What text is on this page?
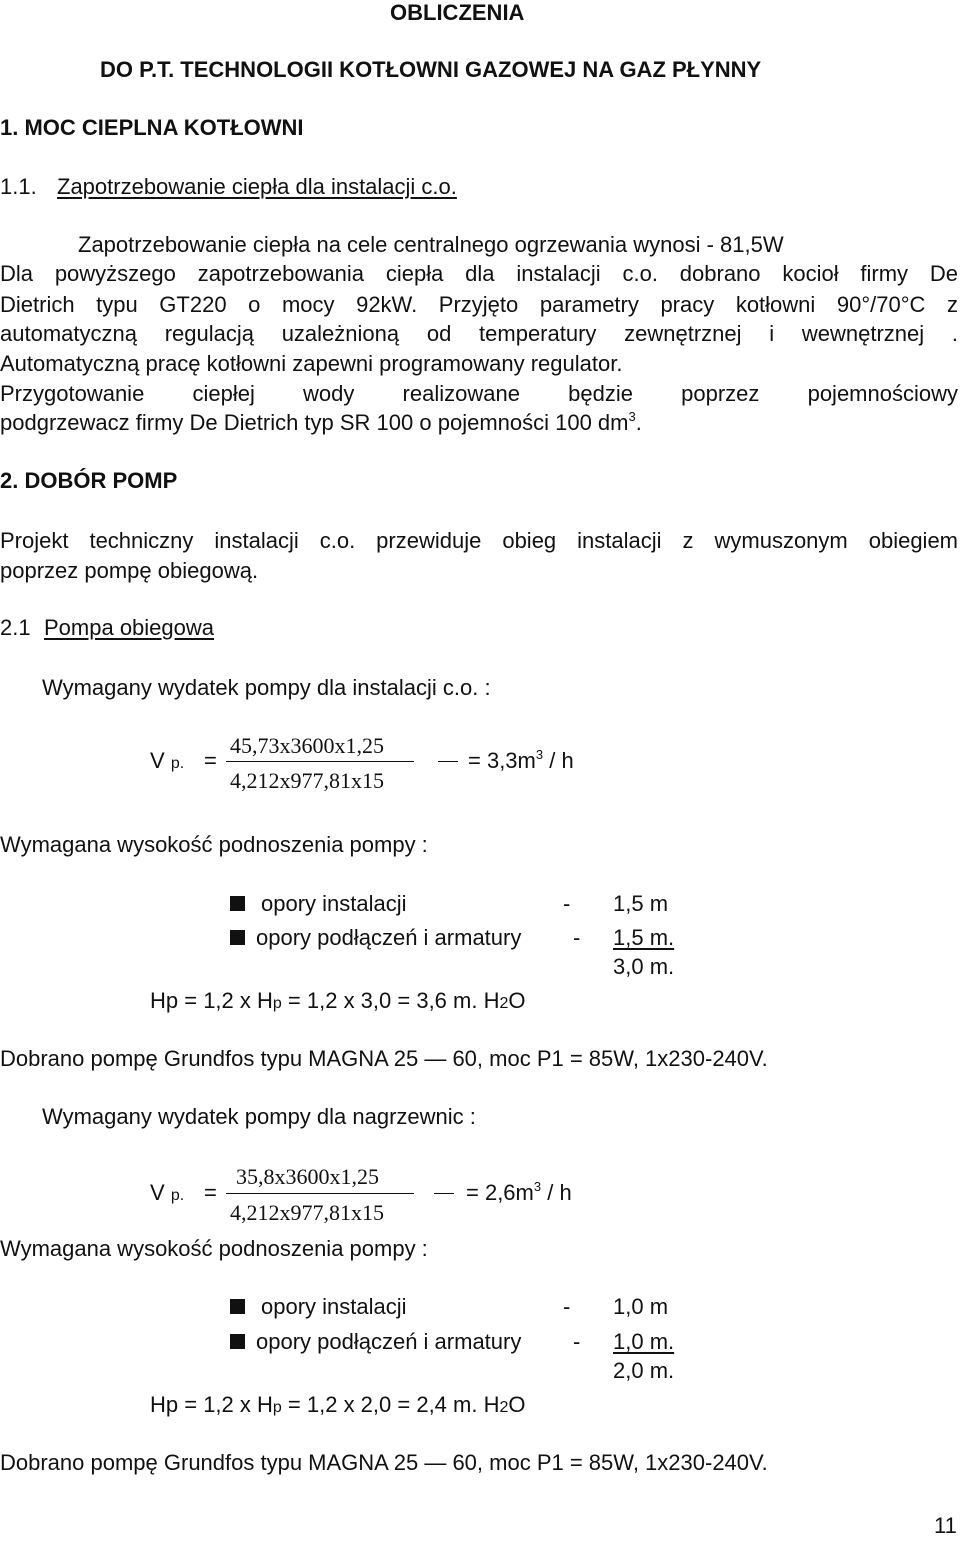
OBLICZENIA
DO P.T. TECHNOLOGII KOTŁOWNI GAZOWEJ NA GAZ PŁYNNY
1. MOC CIEPLNA KOTŁOWNI
1.1. Zapotrzebowanie ciepła dla instalacji c.o.
Zapotrzebowanie ciepła na cele centralnego ogrzewania wynosi - 81,5W
Dla powyższego zapotrzebowania ciepła dla instalacji c.o. dobrano kocioł firmy De
Dietrich typu GT220 o mocy 92kW. Przyjęto parametry pracy kotłowni 90°/70°C z
automatyczną regulacją uzależnioną od temperatury zewnętrznej i wewnętrznej .
Automatyczną pracę kotłowni zapewni programowany regulator.
Przygotowanie ciepłej wody realizowane będzie poprzez pojemnościowy
podgrzewacz firmy De Dietrich typ SR 100 o pojemności 100 $dm^3$.
2. DOBÓR POMP
Projekt techniczny instalacji c.o. przewiduje obieg instalacji z wymuszonym obiegiem
poprzez pompę obiegową.
2.1 Pompa obiegowa
Wymagany wydatek pompy dla instalacji c.o. :
V p. =
45,73x3600x1,25
4,212x977,81x15
= $3,3m^3$ / h
Wymagana wysokość podnoszenia pompy :
opory instalacji	- 1,5 m
opory podłączeń i armatury -	1,5 m.
3,0 m.
Hp = 1,2 x Hp = 1,2 x 3,0 = 3,6 m. H2O
Dobrano pompę Grundfos typu MAGNA 25 — 60, moc P1 = 85W, 1x230-240V.
Wymagany wydatek pompy dla nagrzewnic :
V p. =
35,8x3600x1,25
4,212x977,81x15
= $2,6m^3$ / h
Wymagana wysokość podnoszenia pompy :
opory instalacji	- 1,0 m
opory podłączeń i armatury -	1,0 m.
2,0 m.
Hp = 1,2 x Hp = 1,2 x 2,0 = 2,4 m. H2O
Dobrano pompę Grundfos typu MAGNA 25 — 60, moc P1 = 85W, 1x230-240V.
11
